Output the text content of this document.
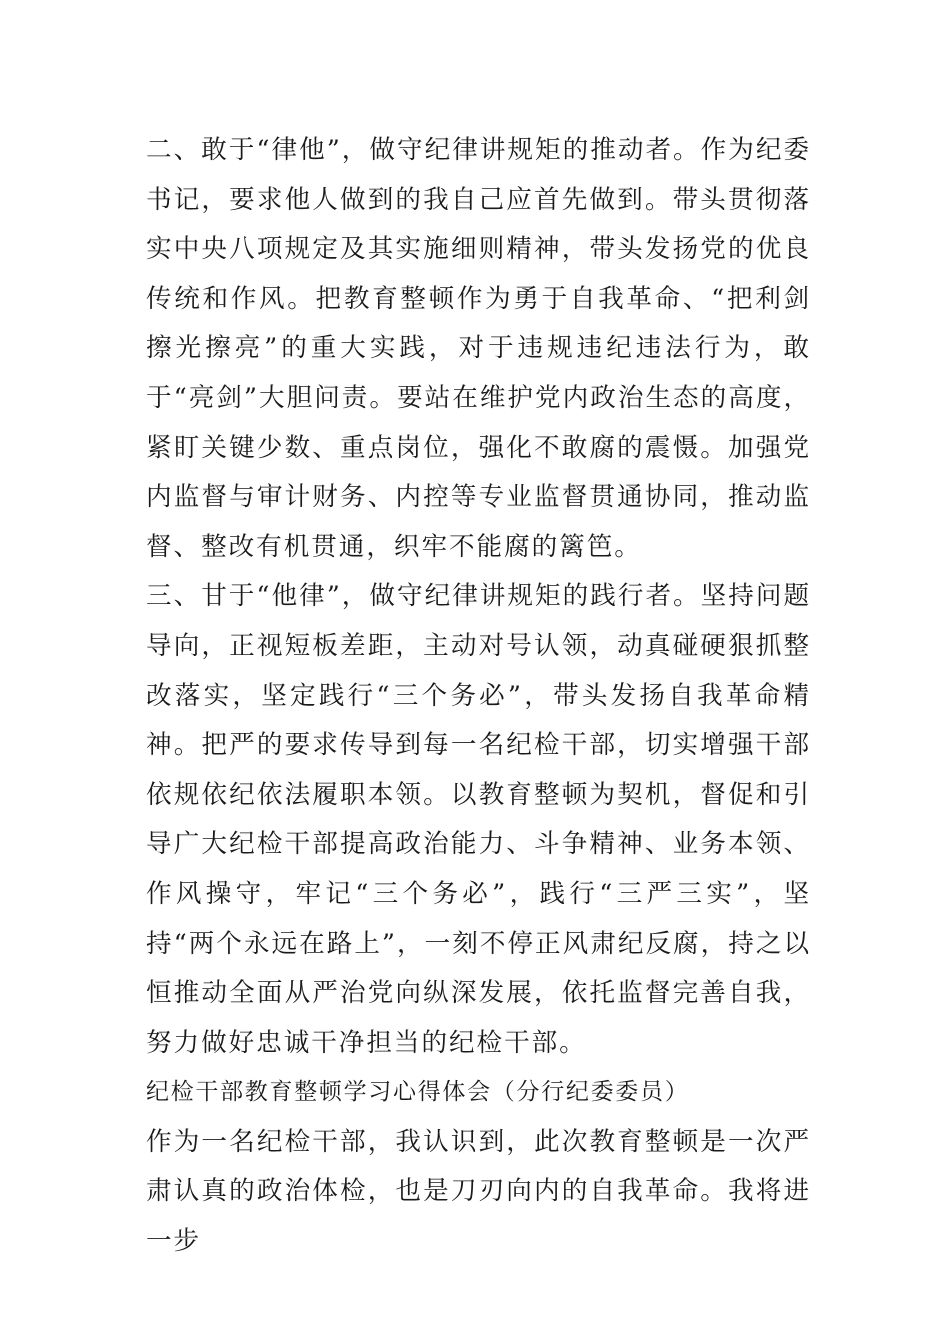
二、敢于“律他”，做守纪律讲规矩的推动者。作为纪委书记，要求他人做到的我自己应首先做到。带头贯彻落实中央八项规定及其实施细则精神，带头发扬党的优良传统和作风。把教育整顿作为勇于自我革命、“把利剑擦光擦亮”的重大实践，对于违规违纪违法行为，敢于“亮剑”大胆问责。要站在维护党内政治生态的高度，紧盯关键少数、重点岗位，强化不敢腐的震慑。加强党内监督与审计财务、内控等专业监督贯通协同，推动监督、整改有机贯通，织牢不能腐的篱笆。

三、甘于“他律”，做守纪律讲规矩的践行者。坚持问题导向，正视短板差距，主动对号认领，动真碰硬狠抓整改落实，坚定践行“三个务必”，带头发扬自我革命精神。把严的要求传导到每一名纪检干部，切实增强干部依规依纪依法履职本领。以教育整顿为契机，督促和引导广大纪检干部提高政治能力、斗争精神、业务本领、作风操守，牢记“三个务必”，践行“三严三实”，坚持“两个永远在路上”，一刻不停正风肃纪反腐，持之以恒推动全面从严治党向纵深发展，依托监督完善自我，努力做好忠诚干净担当的纪检干部。

纪检干部教育整顿学习心得体会（分行纪委委员）

作为一名纪检干部，我认识到，此次教育整顿是一次严肃认真的政治体检，也是刀刃向内的自我革命。我将进一步
